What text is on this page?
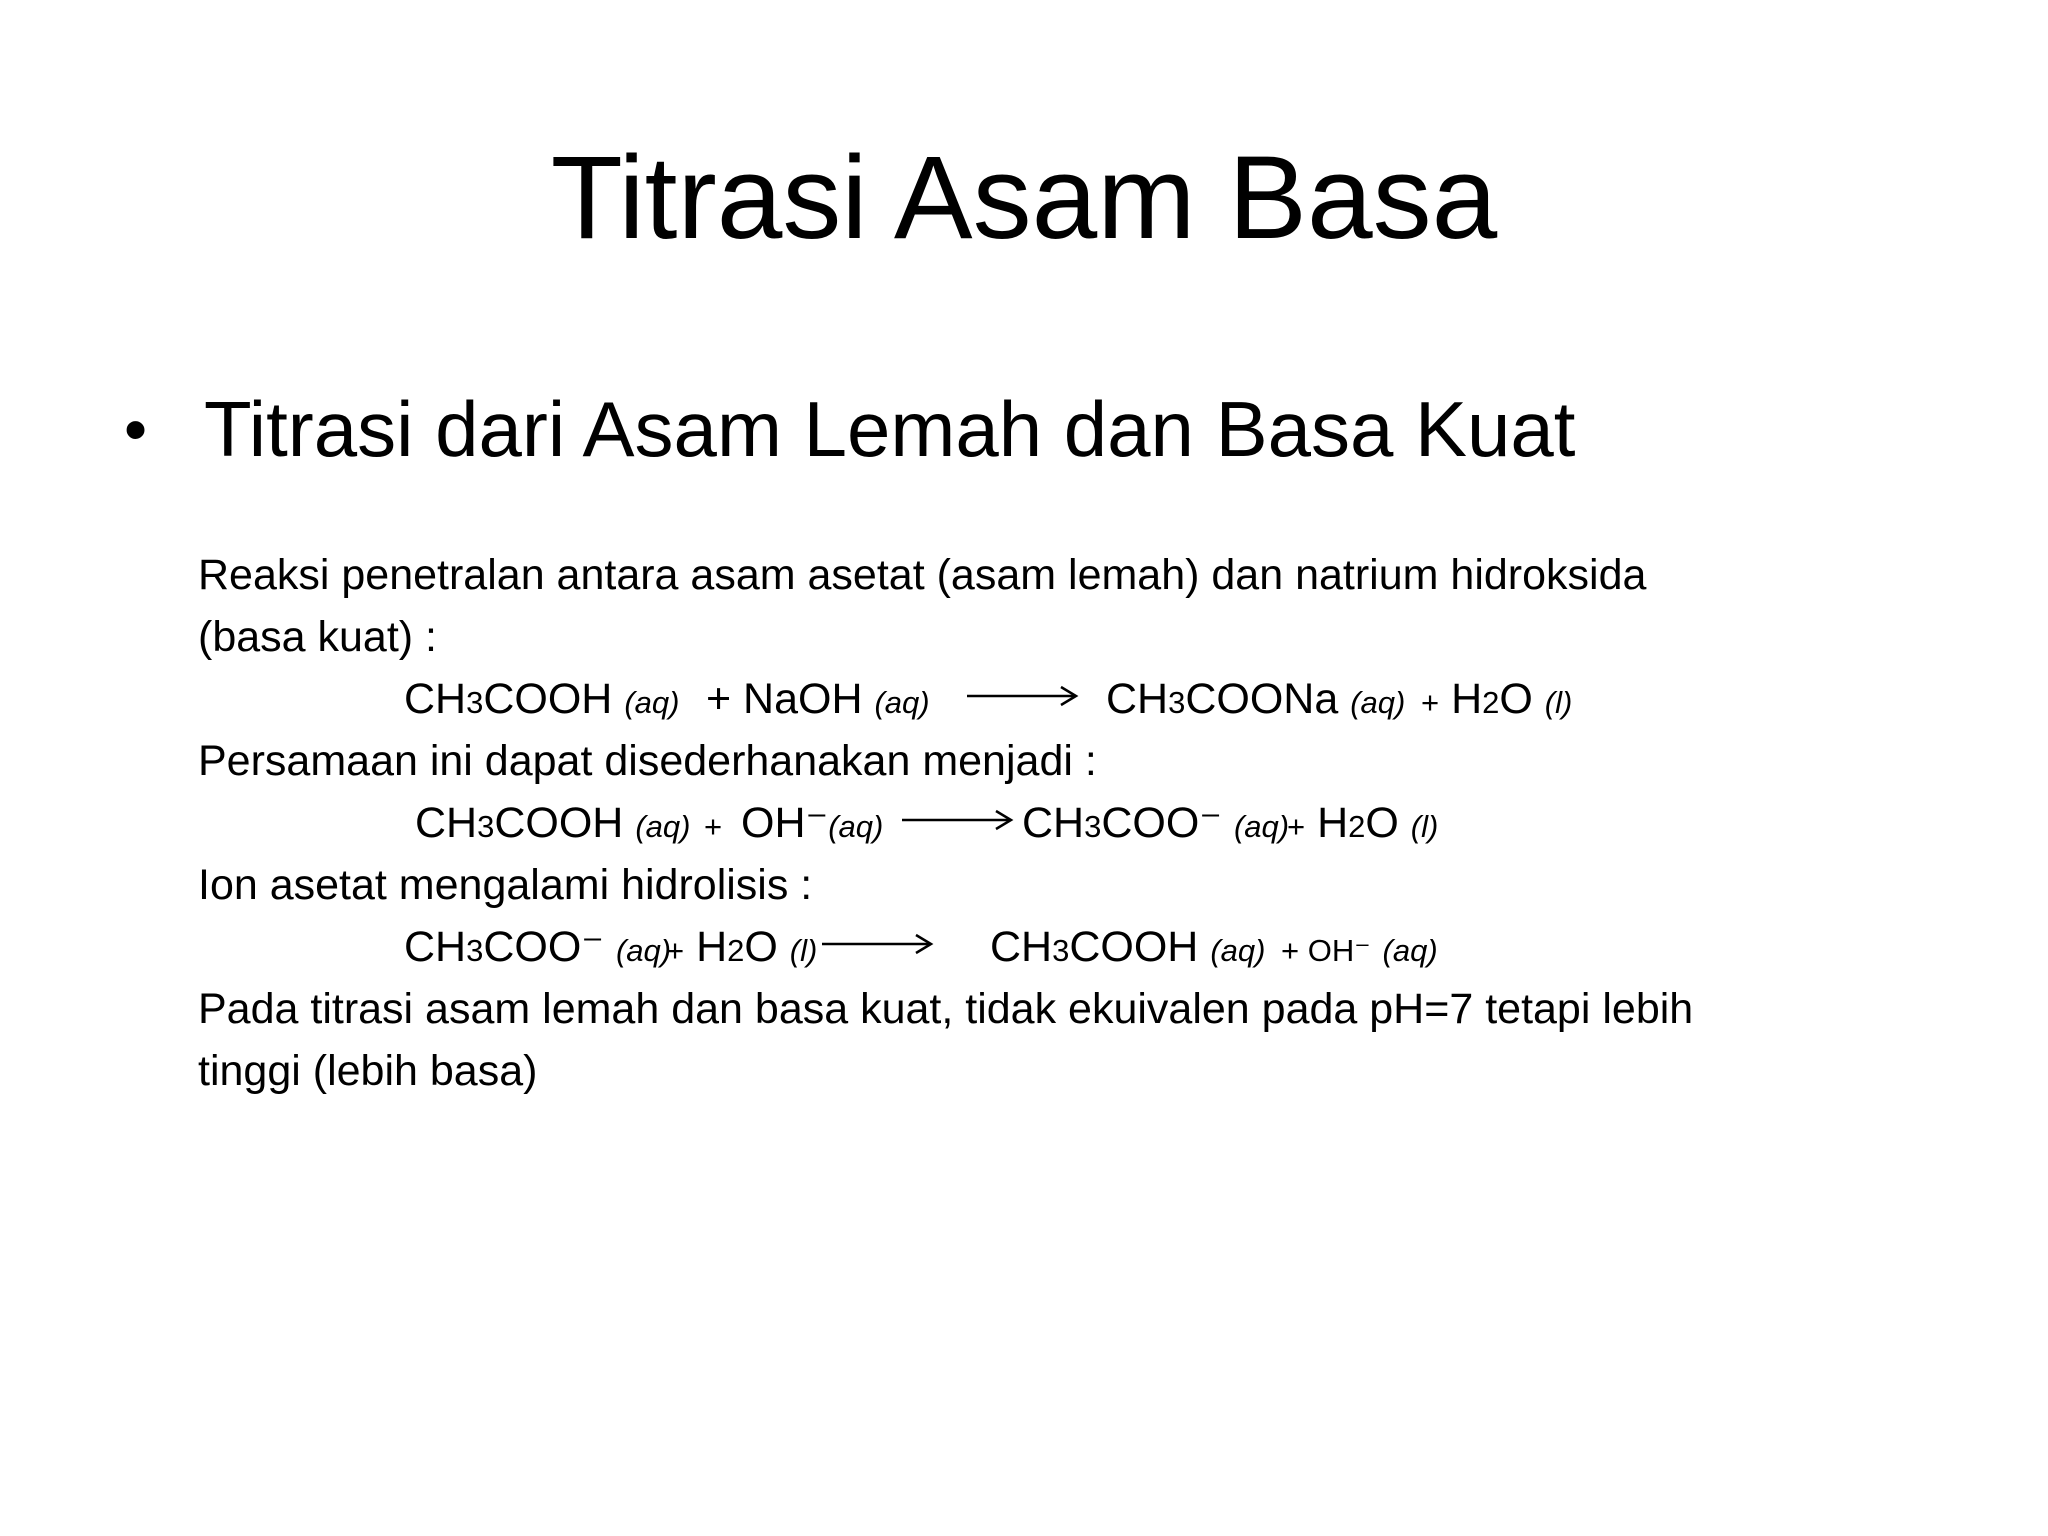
Titrasi Asam Basa
• Titrasi dari Asam Lemah dan Basa Kuat
Reaksi penetralan antara asam asetat (asam lemah) dan natrium hidroksida
(basa kuat) :
CH3COOH (aq) + NaOH (aq)	CH3COONa (aq) + H2O (l)
Persamaan ini dapat disederhanakan menjadi :
CH3COOH (aq) + OH⁻(aq)	CH3COO⁻ (aq)
+ H2O (l)
Ion asetat mengalami hidrolisis :
CH3COO⁻ (aq)
+ H2O (l)	CH3COOH (aq) + OH⁻ (aq)
Pada titrasi asam lemah dan basa kuat, tidak ekuivalen pada pH=7 tetapi lebih
tinggi (lebih basa)
